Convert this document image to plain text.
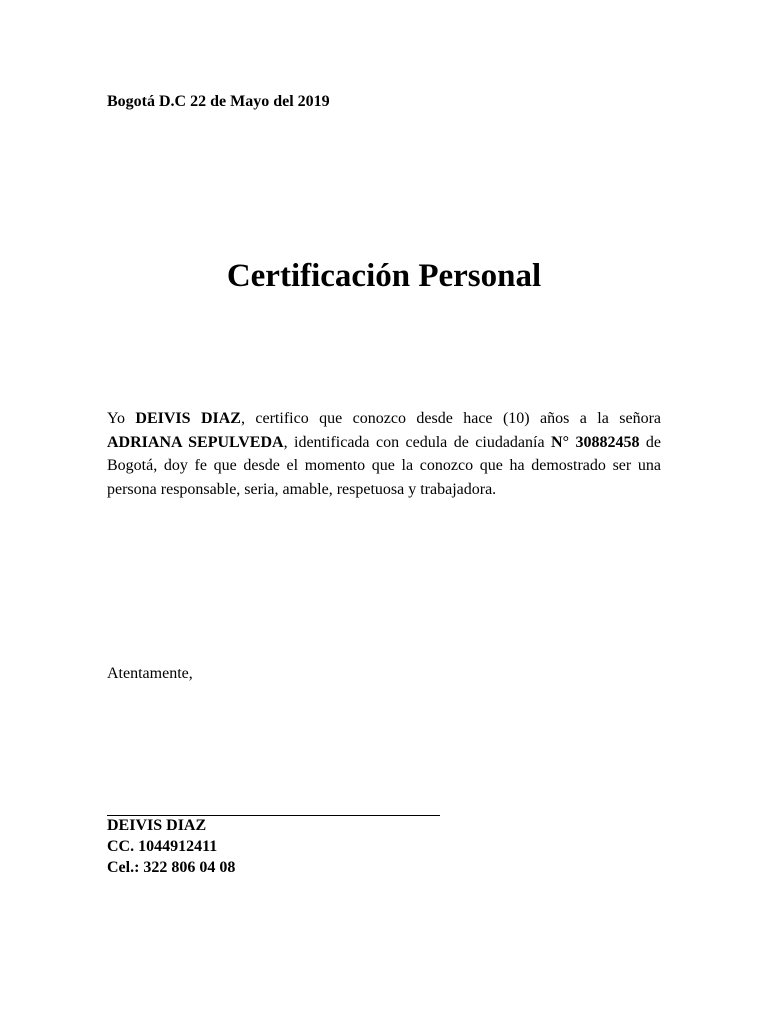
Bogotá D.C 22 de Mayo del 2019
Certificación Personal
Yo DEIVIS DIAZ, certifico que conozco desde hace (10) años a la señora ADRIANA SEPULVEDA, identificada con cedula de ciudadanía N° 30882458 de Bogotá, doy fe que desde el momento que la conozco que ha demostrado ser una persona responsable, seria, amable, respetuosa y trabajadora.
Atentamente,
DEIVIS DIAZ
CC. 1044912411
Cel.: 322 806 04 08
